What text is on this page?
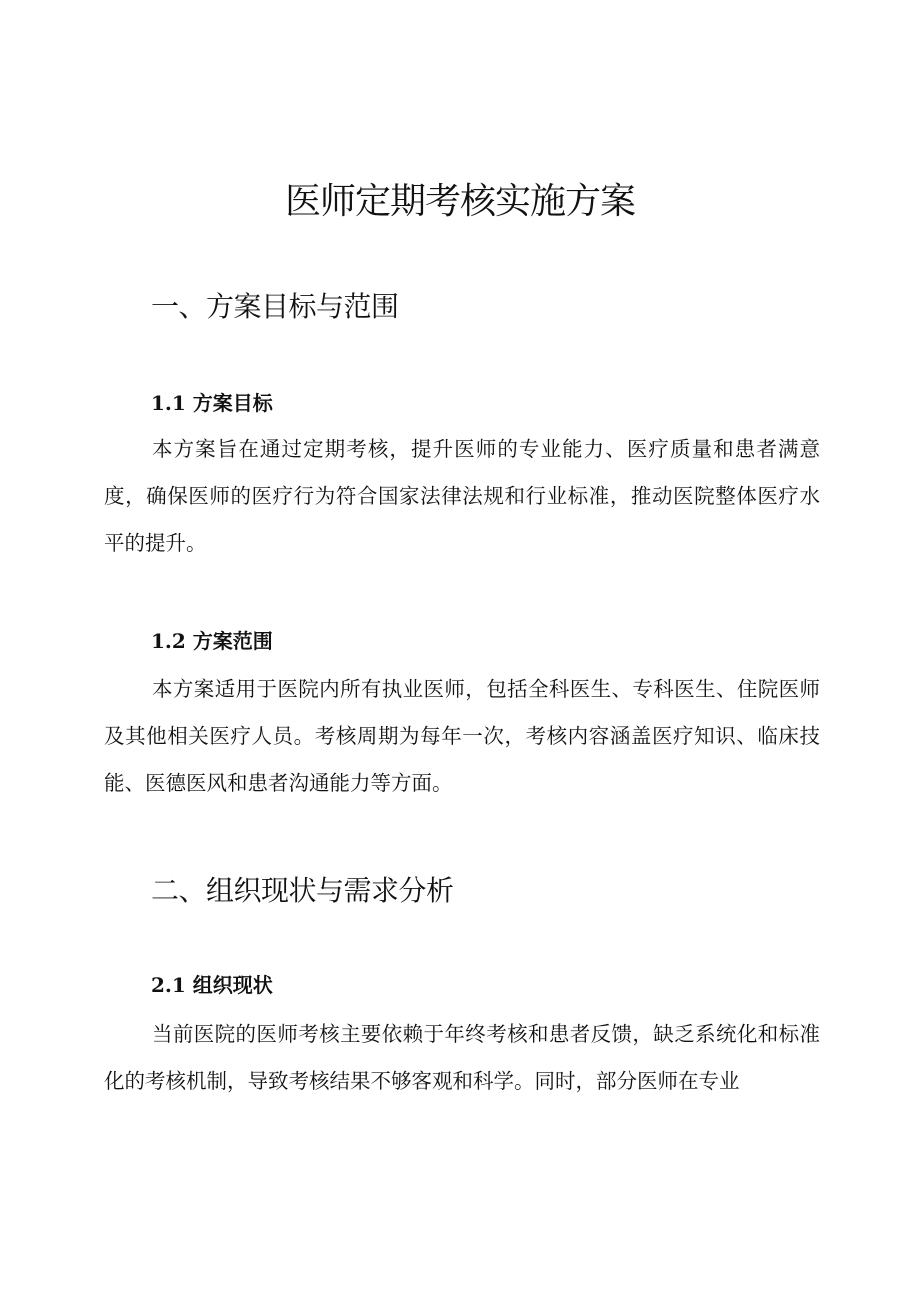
医师定期考核实施方案
一、方案目标与范围
1.1 方案目标

本方案旨在通过定期考核，提升医师的专业能力、医疗质量和患者满意度，确保医师的医疗行为符合国家法律法规和行业标准，推动医院整体医疗水平的提升。

1.2 方案范围

本方案适用于医院内所有执业医师，包括全科医生、专科医生、住院医师及其他相关医疗人员。考核周期为每年一次，考核内容涵盖医疗知识、临床技能、医德医风和患者沟通能力等方面。

二、组织现状与需求分析
2.1 组织现状

当前医院的医师考核主要依赖于年终考核和患者反馈，缺乏系统化和标准化的考核机制，导致考核结果不够客观和科学。同时，部分医师在专业
